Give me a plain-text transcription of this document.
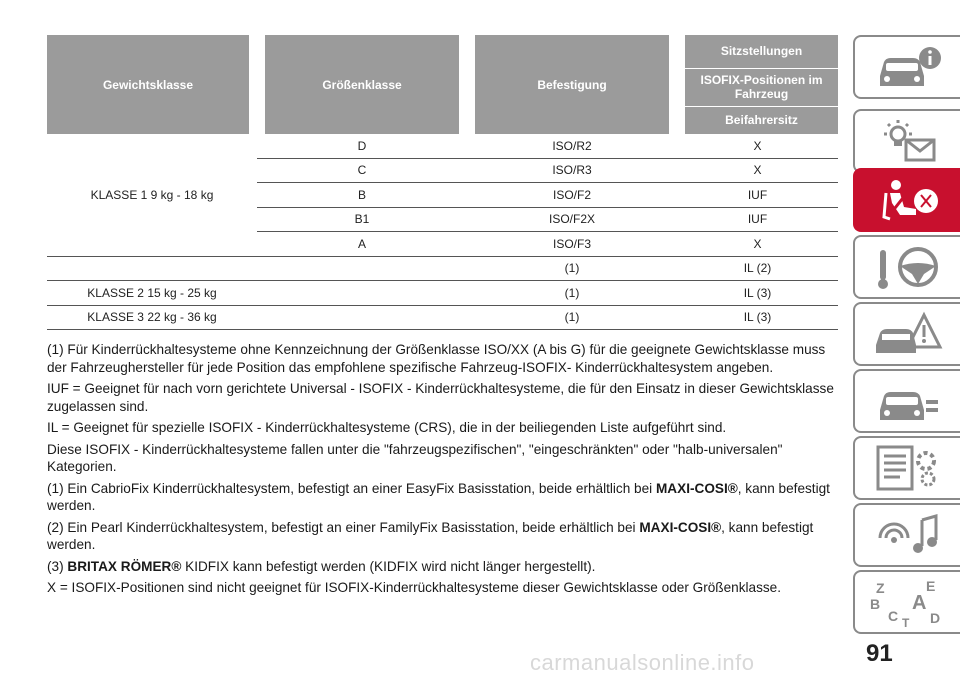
Gewichtsklasse	Größenklasse	Befestigung	Sitzstellungen
			ISOFIX-Positionen im Fahrzeug
			Beifahrersitz
KLASSE 1 9 kg - 18 kg	D	ISO/R2	X
	C	ISO/R3	X
	B	ISO/F2	IUF
	B1	ISO/F2X	IUF
	A	ISO/F3	X
		(1)	IL (2)
KLASSE 2 15 kg - 25 kg		(1)	IL (3)
KLASSE 3 22 kg - 36 kg		(1)	IL (3)

(1) Für Kinderrückhaltesysteme ohne Kennzeichnung der Größenklasse ISO/XX (A bis G) für die geeignete Gewichtsklasse muss der Fahrzeughersteller für jede Position das empfohlene spezifische Fahrzeug-ISOFIX- Kinderrückhaltesystem angeben.

IUF = Geeignet für nach vorn gerichtete Universal - ISOFIX - Kinderrückhaltesysteme, die für den Einsatz in dieser Gewichtsklasse zugelassen sind.

IL = Geeignet für spezielle ISOFIX - Kinderrückhaltesysteme (CRS), die in der beiliegenden Liste aufgeführt sind.

Diese ISOFIX - Kinderrückhaltesysteme fallen unter die "fahrzeugspezifischen", "eingeschränkten" oder "halb-universalen" Kategorien.

(1) Ein CabrioFix Kinderrückhaltesystem, befestigt an einer EasyFix Basisstation, beide erhältlich bei MAXI-COSI®, kann befestigt werden.

(2) Ein Pearl Kinderrückhaltesystem, befestigt an einer FamilyFix Basisstation, beide erhältlich bei MAXI-COSI®, kann befestigt werden.

(3) BRITAX RÖMER® KIDFIX kann befestigt werden (KIDFIX wird nicht länger hergestellt).

X = ISOFIX-Positionen sind nicht geeignet für ISOFIX-Kinderrückhaltesysteme dieser Gewichtsklasse oder Größenklasse.	Z	E
B A
C D
T
91
carmanualsonline.info
